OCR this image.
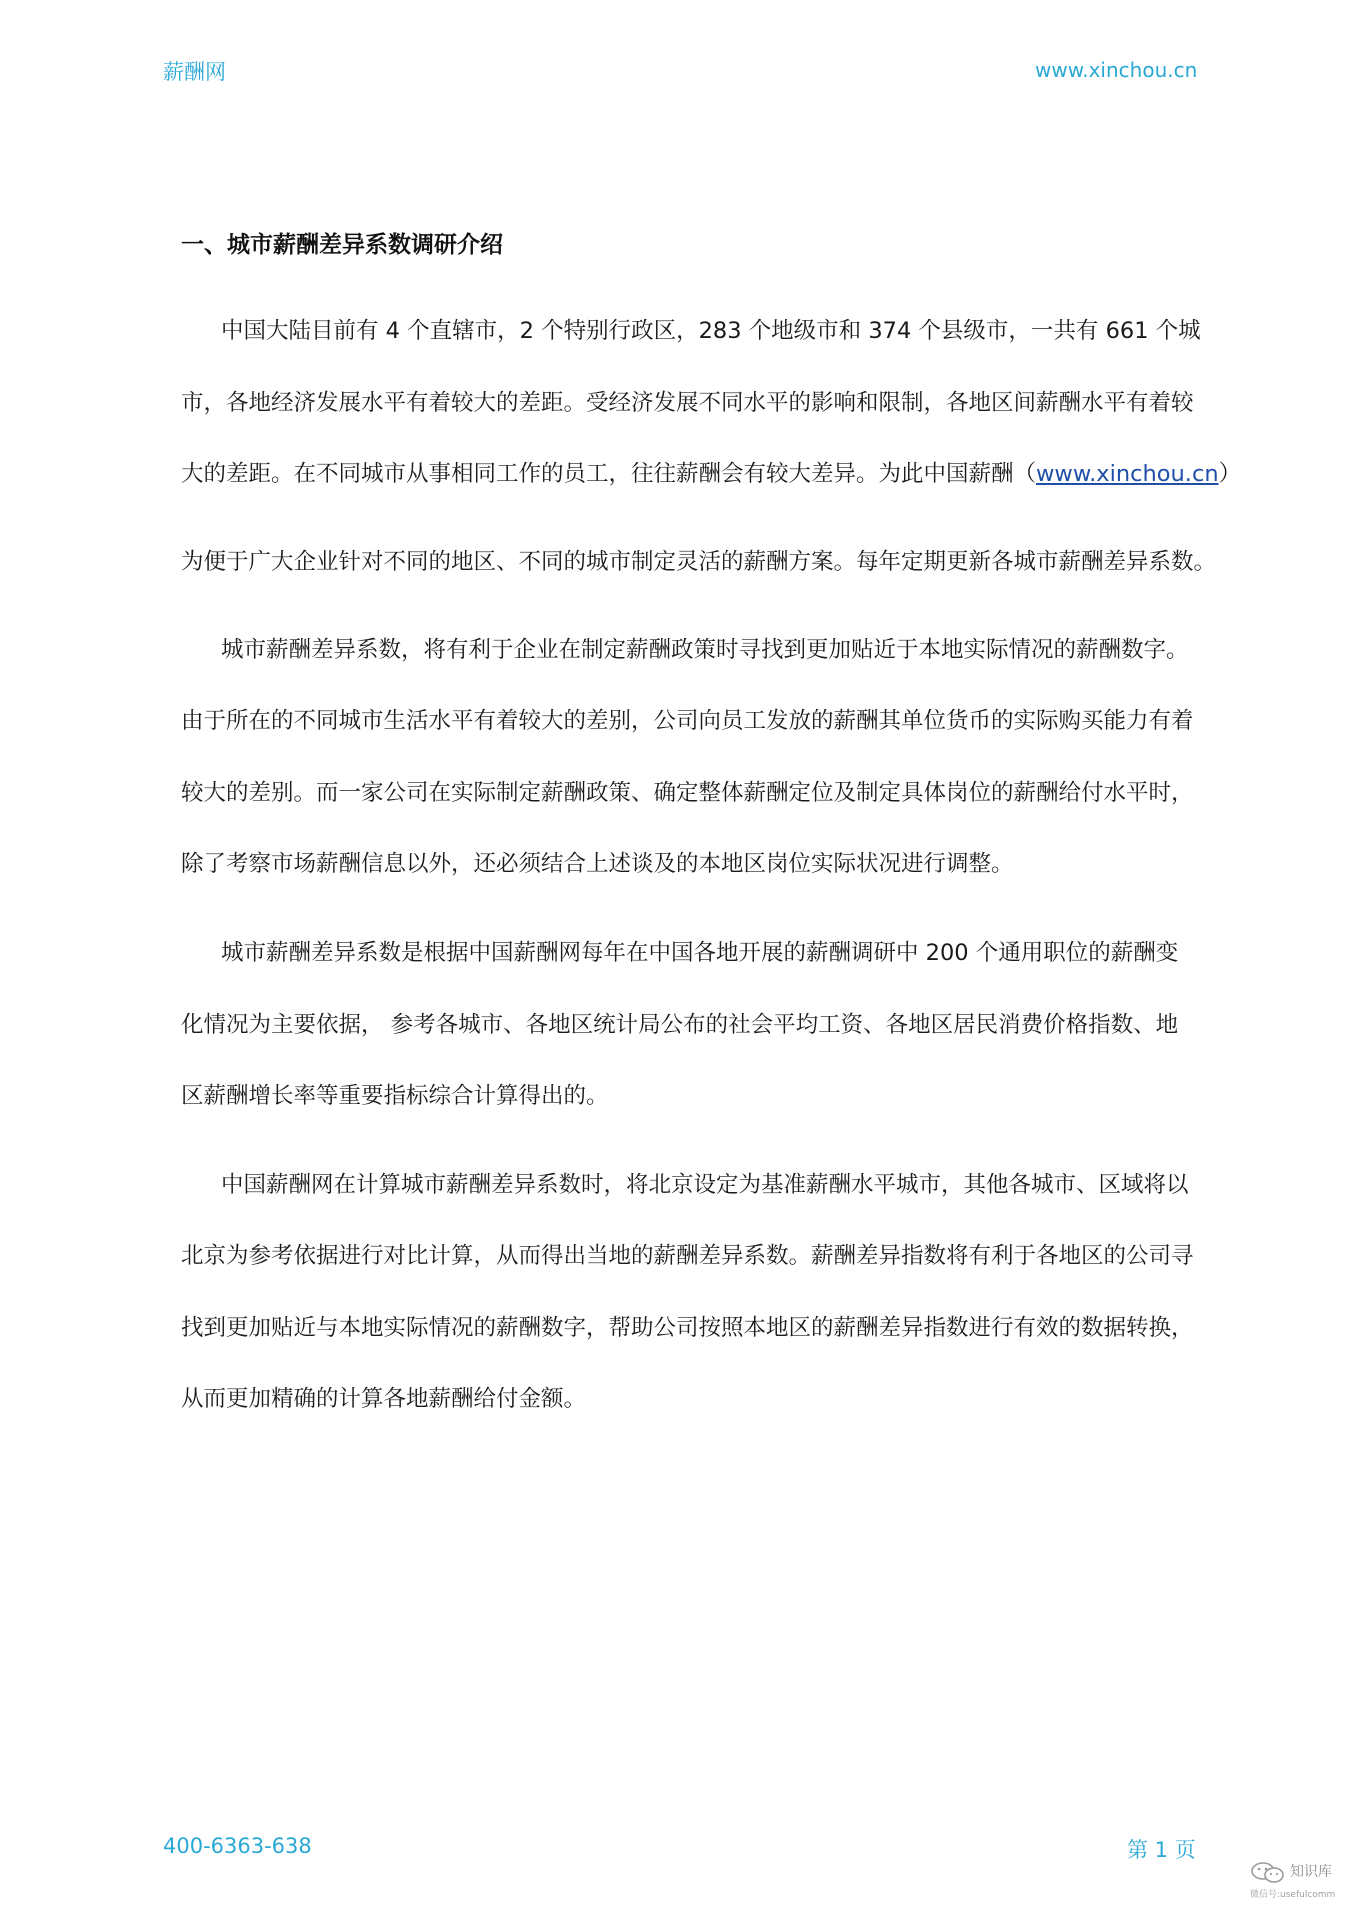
薪酬网	www.xinchou.cn
一、城市薪酬差异系数调研介绍
中国大陆目前有 4 个直辖市，2 个特别行政区，283 个地级市和 374 个县级市，一共有 661 个城
市，各地经济发展水平有着较大的差距。受经济发展不同水平的影响和限制，各地区间薪酬水平有着较
大的差距。在不同城市从事相同工作的员工，往往薪酬会有较大差异。为此中国薪酬（www.xinchou.cn）
为便于广大企业针对不同的地区、不同的城市制定灵活的薪酬方案。每年定期更新各城市薪酬差异系数。
城市薪酬差异系数，将有利于企业在制定薪酬政策时寻找到更加贴近于本地实际情况的薪酬数字。
由于所在的不同城市生活水平有着较大的差别，公司向员工发放的薪酬其单位货币的实际购买能力有着
较大的差别。而一家公司在实际制定薪酬政策、确定整体薪酬定位及制定具体岗位的薪酬给付水平时，
除了考察市场薪酬信息以外，还必须结合上述谈及的本地区岗位实际状况进行调整。
城市薪酬差异系数是根据中国薪酬网每年在中国各地开展的薪酬调研中 200 个通用职位的薪酬变
化情况为主要依据， 参考各城市、各地区统计局公布的社会平均工资、各地区居民消费价格指数、地
区薪酬增长率等重要指标综合计算得出的。
中国薪酬网在计算城市薪酬差异系数时，将北京设定为基准薪酬水平城市，其他各城市、区域将以
北京为参考依据进行对比计算，从而得出当地的薪酬差异系数。薪酬差异指数将有利于各地区的公司寻
找到更加贴近与本地实际情况的薪酬数字，帮助公司按照本地区的薪酬差异指数进行有效的数据转换，
从而更加精确的计算各地薪酬给付金额。
400-6363-638	第 1 页
知识库
微信号:usefulcomm
